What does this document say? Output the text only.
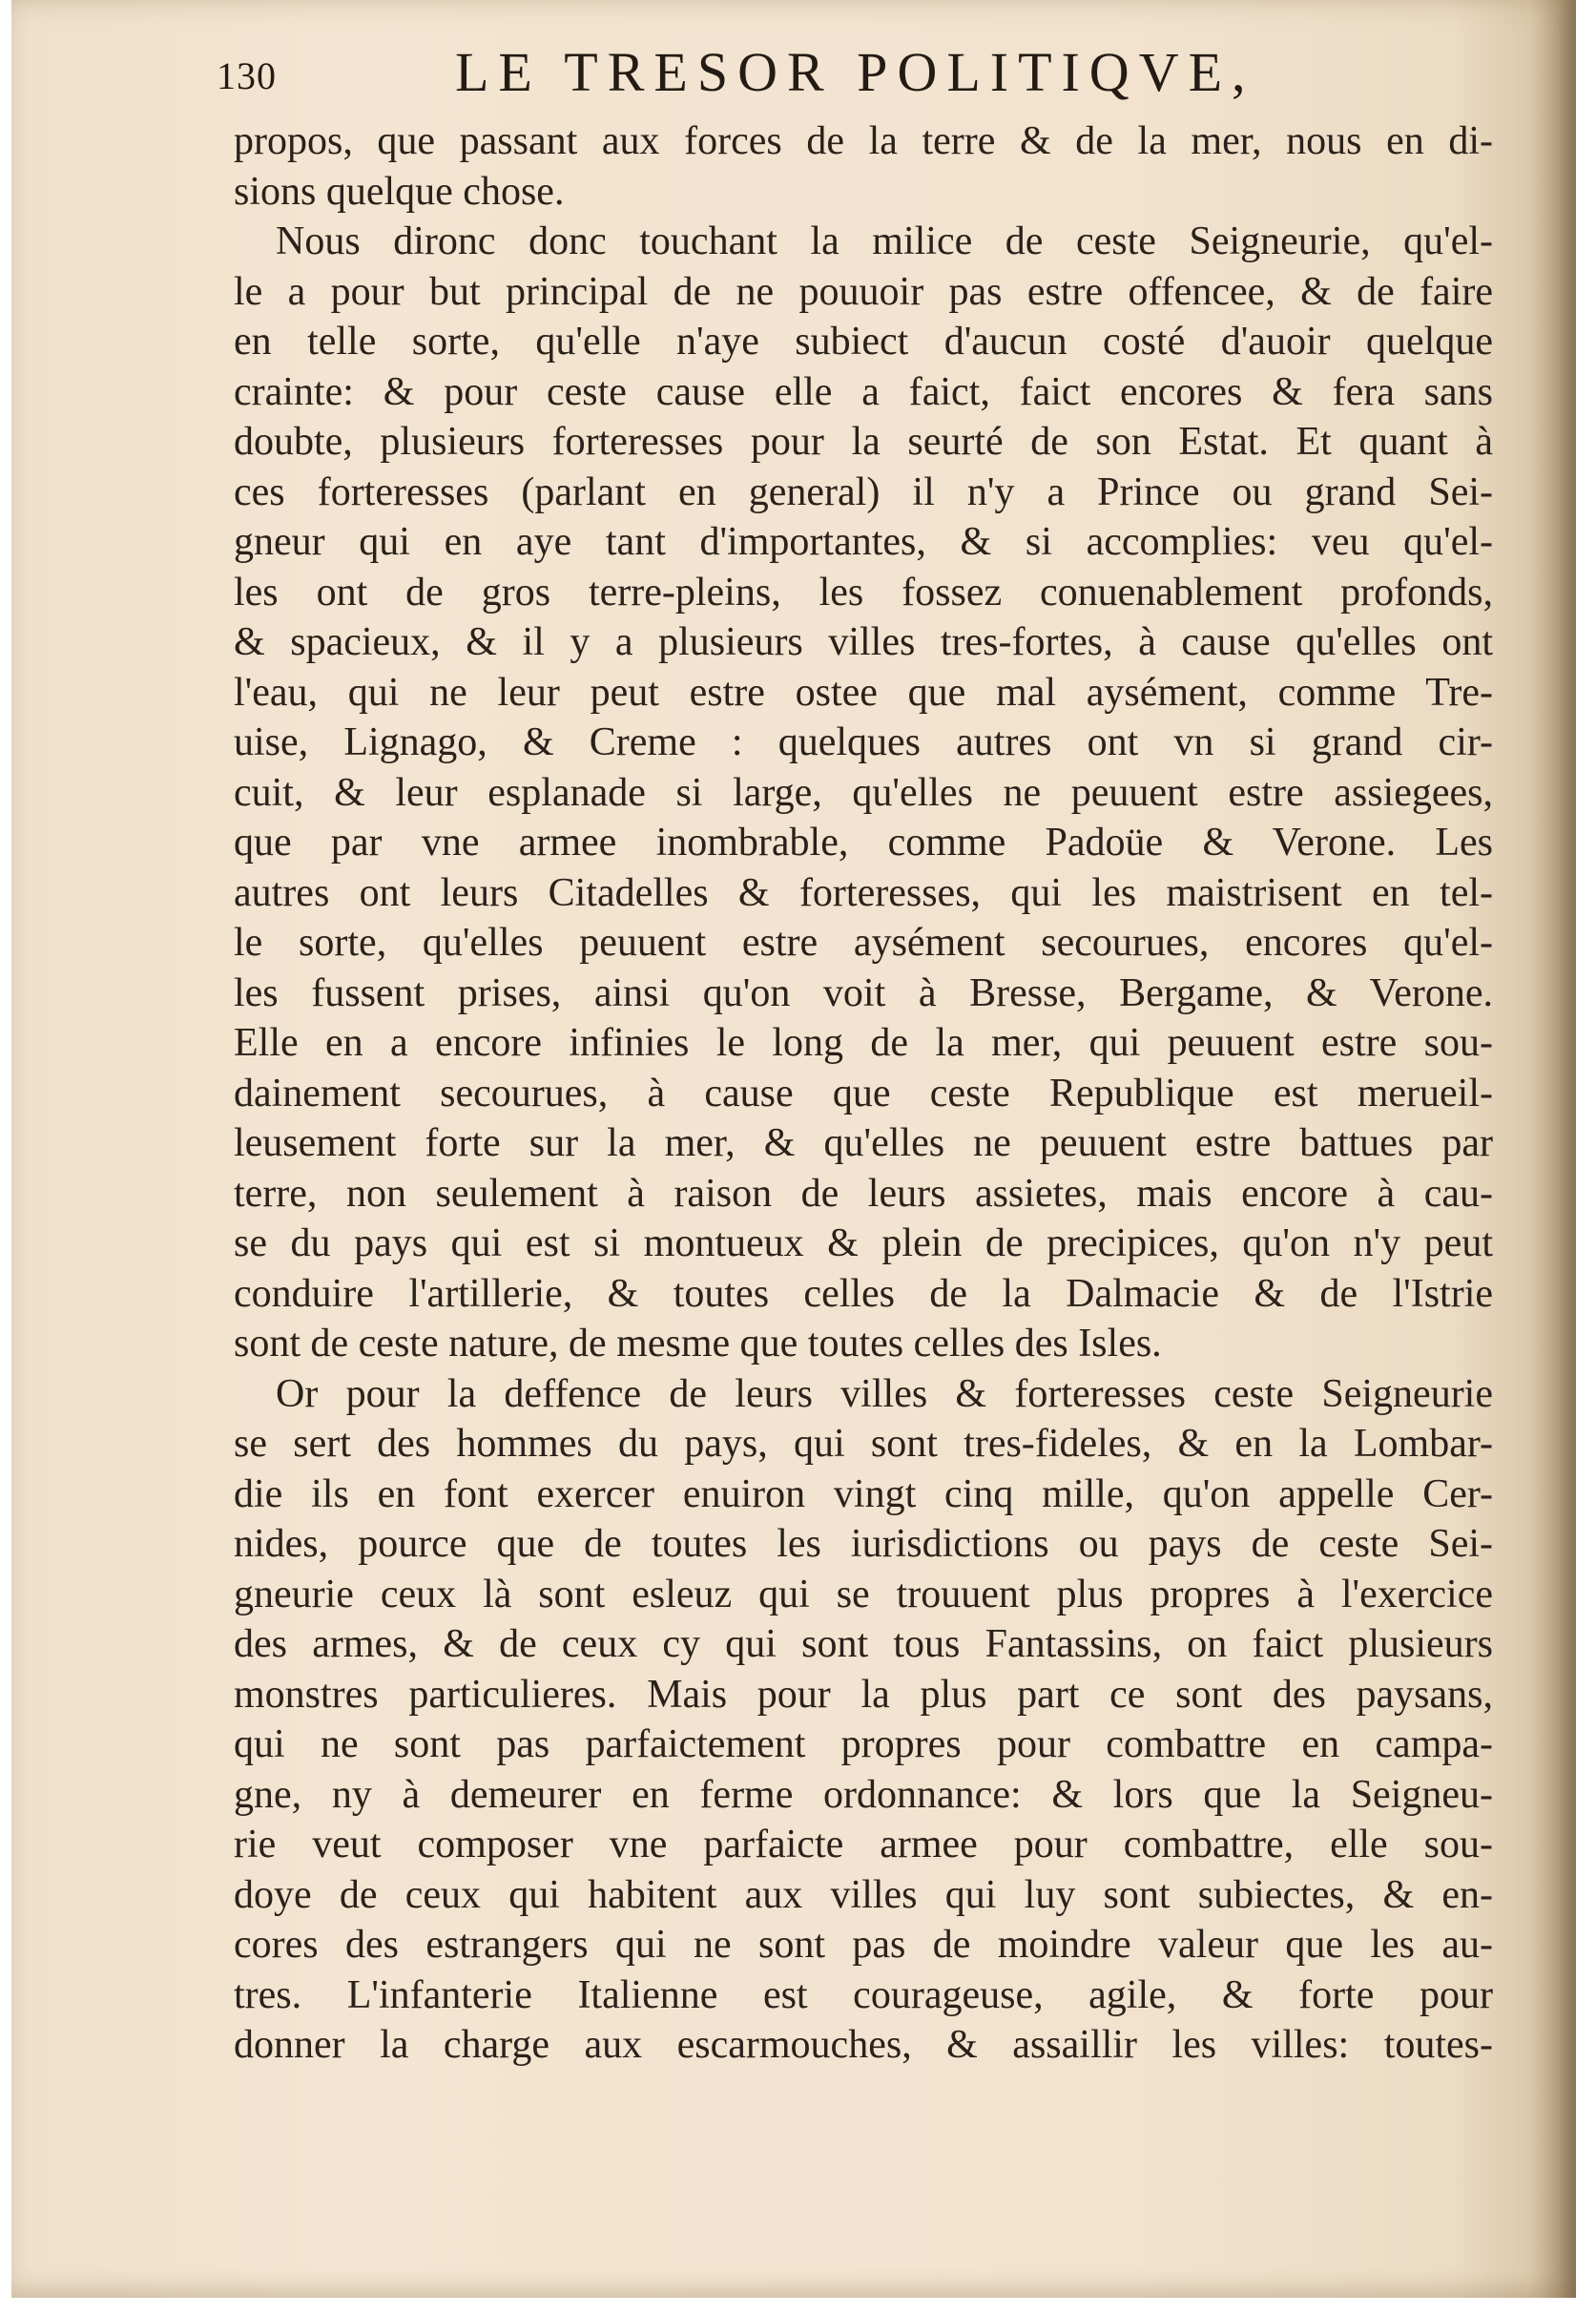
130	LE TRESOR POLITIQVE,
propos, que passant aux forces de la terre & de la mer, nous en di-
sions quelque chose.
Nous dironc donc touchant la milice de ceste Seigneurie, qu'el-
le a pour but principal de ne pouuoir pas estre offencee, & de faire
en telle sorte, qu'elle n'aye subiect d'aucun costé d'auoir quelque
crainte: & pour ceste cause elle a faict, faict encores & fera sans
doubte, plusieurs forteresses pour la seurté de son Estat. Et quant à
ces forteresses (parlant en general) il n'y a Prince ou grand Sei-
gneur qui en aye tant d'importantes, & si accomplies: veu qu'el-
les ont de gros terre-pleins, les fossez conuenablement profonds,
& spacieux, & il y a plusieurs villes tres-fortes, à cause qu'elles ont
l'eau, qui ne leur peut estre ostee que mal aysément, comme Tre-
uise, Lignago, & Creme : quelques autres ont vn si grand cir-
cuit, & leur esplanade si large, qu'elles ne peuuent estre assiegees,
que par vne armee inombrable, comme Padoüe & Verone. Les
autres ont leurs Citadelles & forteresses, qui les maistrisent en tel-
le sorte, qu'elles peuuent estre aysément secourues, encores qu'el-
les fussent prises, ainsi qu'on voit à Bresse, Bergame, & Verone.
Elle en a encore infinies le long de la mer, qui peuuent estre sou-
dainement secourues, à cause que ceste Republique est merueil-
leusement forte sur la mer, & qu'elles ne peuuent estre battues par
terre, non seulement à raison de leurs assietes, mais encore à cau-
se du pays qui est si montueux & plein de precipices, qu'on n'y peut
conduire l'artillerie, & toutes celles de la Dalmacie & de l'Istrie
sont de ceste nature, de mesme que toutes celles des Isles.
Or pour la deffence de leurs villes & forteresses ceste Seigneurie
se sert des hommes du pays, qui sont tres-fideles, & en la Lombar-
die ils en font exercer enuiron vingt cinq mille, qu'on appelle Cer-
nides, pource que de toutes les iurisdictions ou pays de ceste Sei-
gneurie ceux là sont esleuz qui se trouuent plus propres à l'exercice
des armes, & de ceux cy qui sont tous Fantassins, on faict plusieurs
monstres particulieres. Mais pour la plus part ce sont des paysans,
qui ne sont pas parfaictement propres pour combattre en campa-
gne, ny à demeurer en ferme ordonnance: & lors que la Seigneu-
rie veut composer vne parfaicte armee pour combattre, elle sou-
doye de ceux qui habitent aux villes qui luy sont subiectes, & en-
cores des estrangers qui ne sont pas de moindre valeur que les au-
tres. L'infanterie Italienne est courageuse, agile, & forte pour
donner la charge aux escarmouches, & assaillir les villes: toutes-
